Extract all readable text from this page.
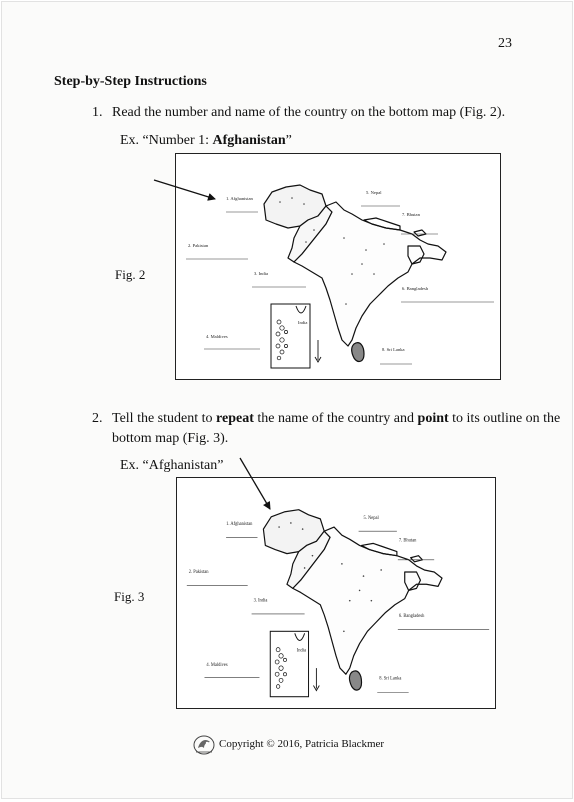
23
Step-by-Step Instructions
1. Read the number and name of the country on the bottom map (Fig. 2).
Ex. “Number 1: Afghanistan”
Fig. 2
1. Afghanistan
2. Pakistan
3. India
4. Maldives
5. Nepal
7. Bhutan
6. Bangladesh
8. Sri Lanka
India
2. Tell the student to repeat the name of the country and point to its outline on the
bottom map (Fig. 3).
Ex. “Afghanistan”
Fig. 3
1. Afghanistan
2. Pakistan
3. India
4. Maldives
5. Nepal
7. Bhutan
6. Bangladesh
8. Sri Lanka
India
Copyright © 2016, Patricia Blackmer
